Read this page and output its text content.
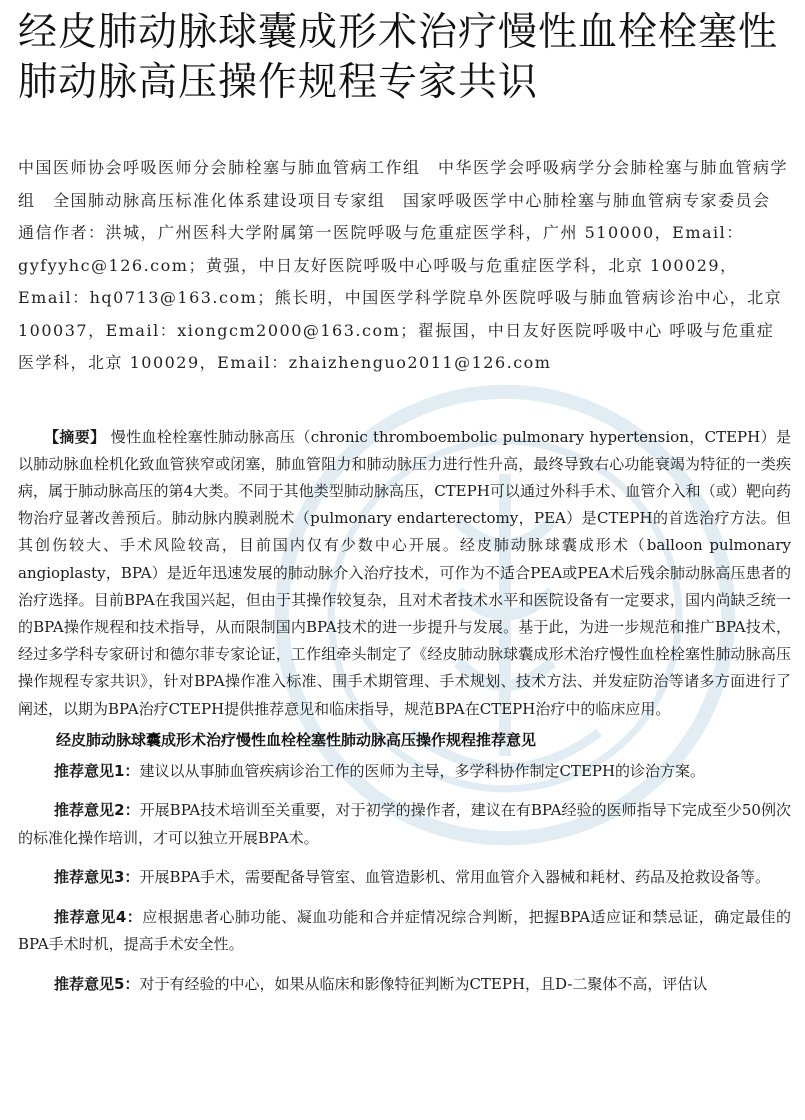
经皮肺动脉球囊成形术治疗慢性血栓栓塞性肺动脉高压操作规程专家共识

中国医师协会呼吸医师分会肺栓塞与肺血管病工作组　中华医学会呼吸病学分会肺栓塞与肺血管病学组　全国肺动脉高压标准化体系建设项目专家组　国家呼吸医学中心肺栓塞与肺血管病专家委员会

通信作者：洪城，广州医科大学附属第一医院呼吸与危重症医学科，广州 510000，Email：gyfyyhc@126.com；黄强，中日友好医院呼吸中心呼吸与危重症医学科，北京 100029，Email：hq0713@163.com；熊长明，中国医学科学院阜外医院呼吸与肺血管病诊治中心，北京 100037，Email：xiongcm2000@163.com；翟振国，中日友好医院呼吸中心 呼吸与危重症医学科，北京 100029，Email：zhaizhenguo2011@126.com

【摘要】 慢性血栓栓塞性肺动脉高压（chronic thromboembolic pulmonary hypertension，CTEPH）是以肺动脉血栓机化致血管狭窄或闭塞，肺血管阻力和肺动脉压力进行性升高，最终导致右心功能衰竭为特征的一类疾病，属于肺动脉高压的第4大类。不同于其他类型肺动脉高压，CTEPH可以通过外科手术、血管介入和（或）靶向药物治疗显著改善预后。肺动脉内膜剥脱术（pulmonary endarterectomy，PEA）是CTEPH的首选治疗方法。但其创伤较大、手术风险较高，目前国内仅有少数中心开展。经皮肺动脉球囊成形术（balloon pulmonary angioplasty，BPA）是近年迅速发展的肺动脉介入治疗技术，可作为不适合PEA或PEA术后残余肺动脉高压患者的治疗选择。目前BPA在我国兴起，但由于其操作较复杂，且对术者技术水平和医院设备有一定要求，国内尚缺乏统一的BPA操作规程和技术指导，从而限制国内BPA技术的进一步提升与发展。基于此，为进一步规范和推广BPA技术，经过多学科专家研讨和德尔菲专家论证，工作组牵头制定了《经皮肺动脉球囊成形术治疗慢性血栓栓塞性肺动脉高压操作规程专家共识》，针对BPA操作准入标准、围手术期管理、手术规划、技术方法、并发症防治等诸多方面进行了阐述，以期为BPA治疗CTEPH提供推荐意见和临床指导，规范BPA在CTEPH治疗中的临床应用。
经皮肺动脉球囊成形术治疗慢性血栓栓塞性肺动脉高压操作规程推荐意见

推荐意见1：建议以从事肺血管疾病诊治工作的医师为主导，多学科协作制定CTEPH的诊治方案。

推荐意见2：开展BPA技术培训至关重要，对于初学的操作者，建议在有BPA经验的医师指导下完成至少50例次的标准化操作培训，才可以独立开展BPA术。

推荐意见3：开展BPA手术，需要配备导管室、血管造影机、常用血管介入器械和耗材、药品及抢救设备等。

推荐意见4：应根据患者心肺功能、凝血功能和合并症情况综合判断，把握BPA适应证和禁忌证，确定最佳的BPA手术时机，提高手术安全性。

推荐意见5：对于有经验的中心，如果从临床和影像特征判断为CTEPH，且D-二聚体不高，评估认
